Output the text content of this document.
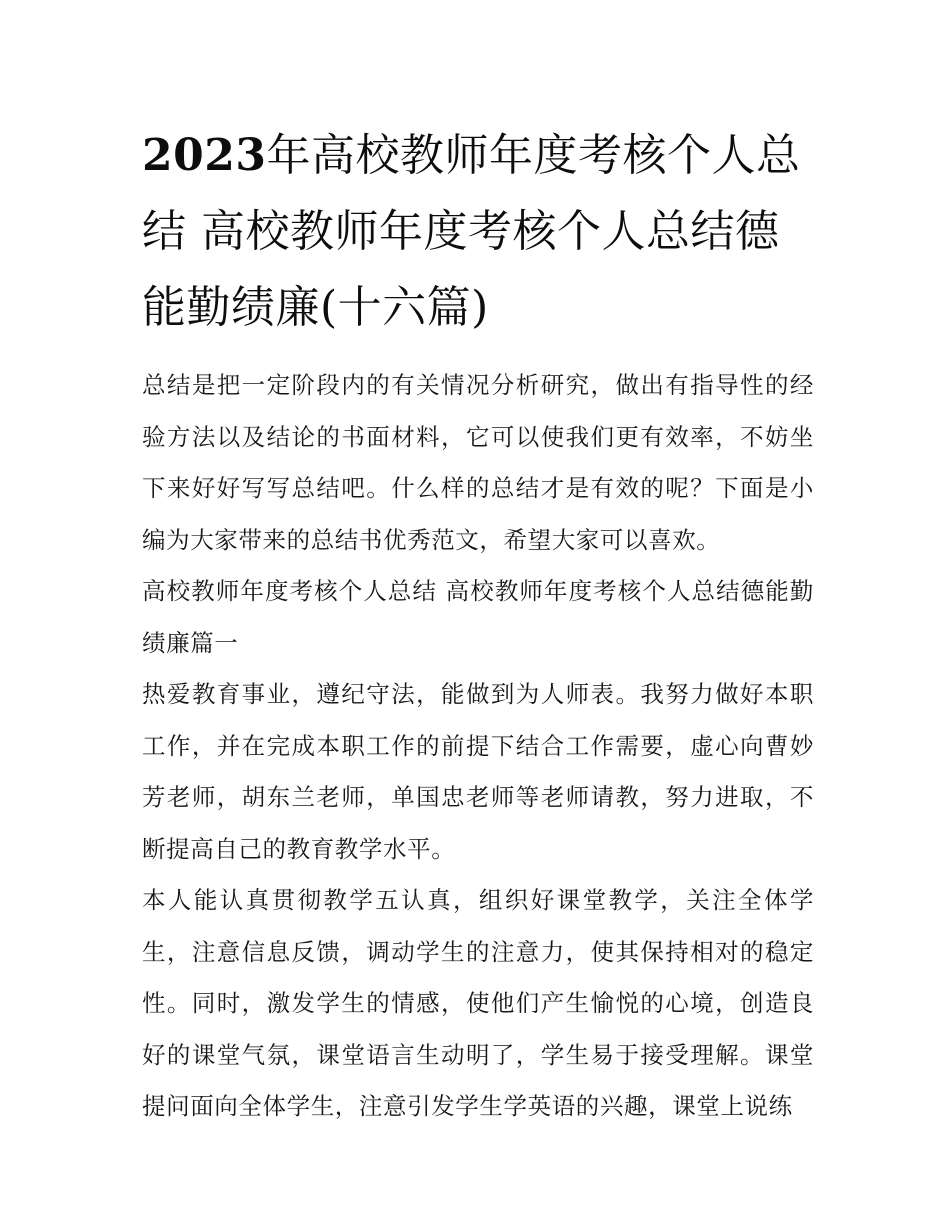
2023年高校教师年度考核个人总结 高校教师年度考核个人总结德能勤绩廉(十六篇)

总结是把一定阶段内的有关情况分析研究，做出有指导性的经验方法以及结论的书面材料，它可以使我们更有效率，不妨坐下来好好写写总结吧。什么样的总结才是有效的呢？下面是小编为大家带来的总结书优秀范文，希望大家可以喜欢。

高校教师年度考核个人总结 高校教师年度考核个人总结德能勤绩廉篇一

热爱教育事业，遵纪守法，能做到为人师表。我努力做好本职工作，并在完成本职工作的前提下结合工作需要，虚心向曹妙芳老师，胡东兰老师，单国忠老师等老师请教，努力进取，不断提高自己的教育教学水平。

本人能认真贯彻教学五认真，组织好课堂教学，关注全体学生，注意信息反馈，调动学生的注意力，使其保持相对的稳定性。同时，激发学生的情感，使他们产生愉悦的心境，创造良好的课堂气氛，课堂语言生动明了，学生易于接受理解。课堂提问面向全体学生，注意引发学生学英语的兴趣，课堂上说练
